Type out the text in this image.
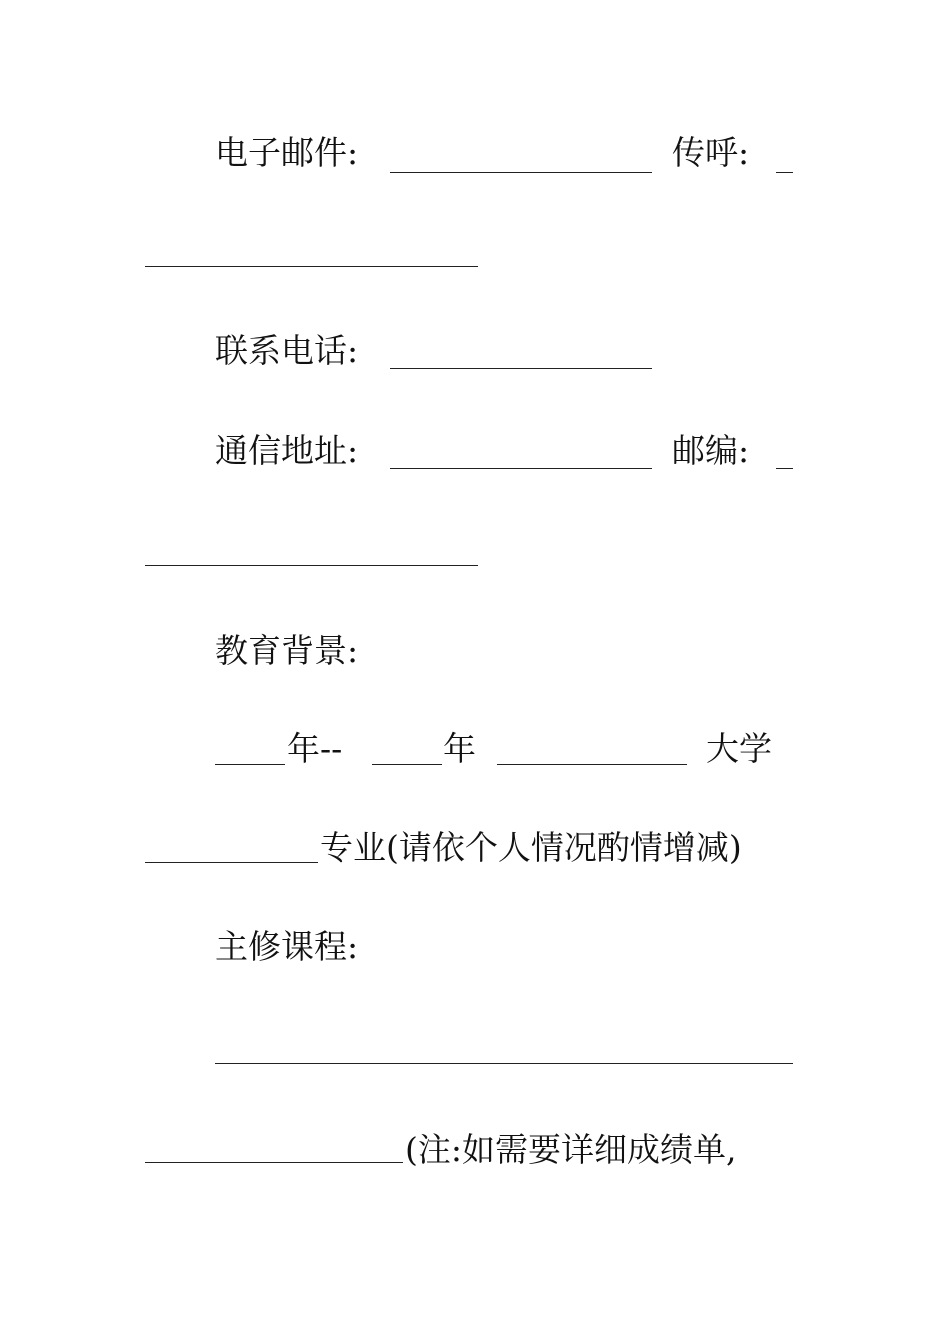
电子邮件:	传呼:
联系电话:
通信地址:	邮编:
教育背景:
年--	年	大学
专业(请依个人情况酌情增减)
主修课程:
(注:如需要详细成绩单,
